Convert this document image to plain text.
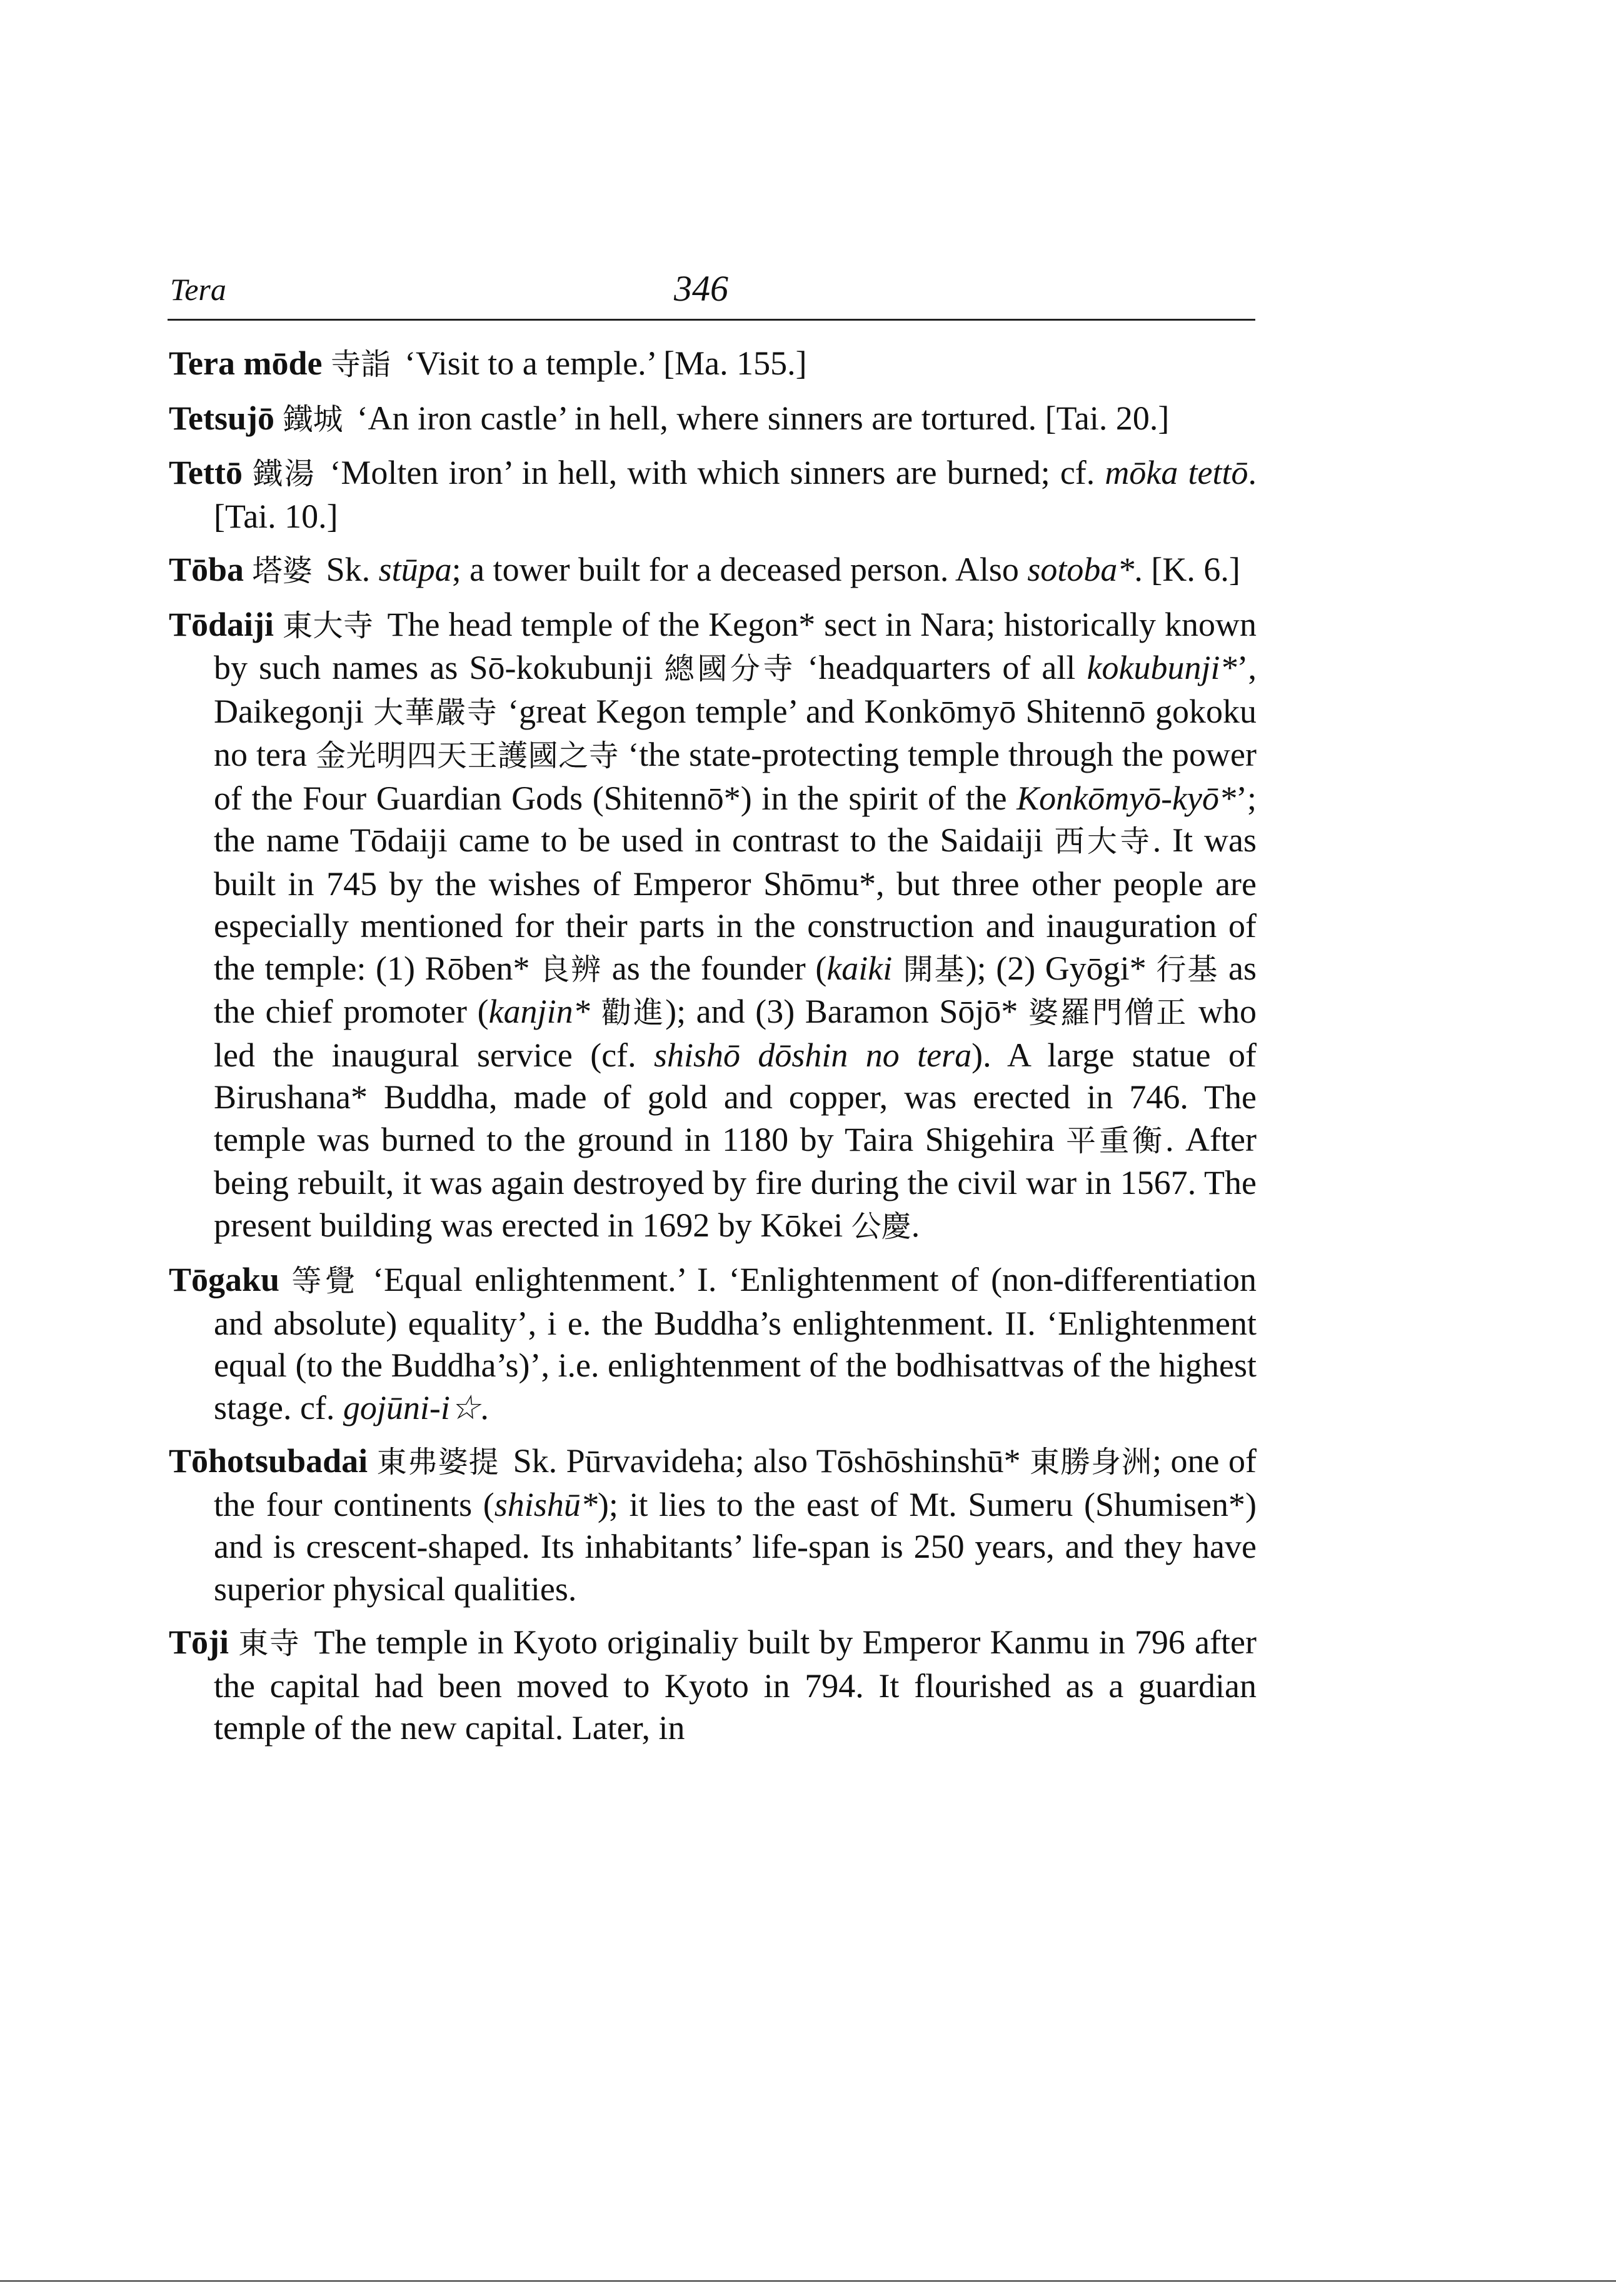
Tera	346

Tera mōde 寺詣 ‘Visit to a temple.’ [Ma. 155.]

Tetsujō 鐵城 ‘An iron castle’ in hell, where sinners are tortured. [Tai. 20.]

Tettō 鐵湯 ‘Molten iron’ in hell, with which sinners are burned; cf. mōka tettō. [Tai. 10.]

Tōba 塔婆 Sk. stūpa; a tower built for a deceased person. Also sotoba*. [K. 6.]

Tōdaiji 東大寺 The head temple of the Kegon* sect in Nara; historically known by such names as Sō-kokubunji 總國分寺 ‘headquarters of all kokubunji*’, Daikegonji 大華嚴寺 ‘great Kegon temple’ and Konkōmyō Shitennō gokoku no tera 金光明四天王護國之寺 ‘the state-protecting temple through the power of the Four Guardian Gods (Shitennō*) in the spirit of the Konkōmyō-kyō*’; the name Tōdaiji came to be used in contrast to the Saidaiji 西大寺. It was built in 745 by the wishes of Emperor Shōmu*, but three other people are especially mentioned for their parts in the construction and inauguration of the temple: (1) Rōben* 良辨 as the founder (kaiki 開基); (2) Gyōgi* 行基 as the chief promoter (kanjin* 勸進); and (3) Baramon Sōjō* 婆羅門僧正 who led the inaugural service (cf. shishō dōshin no tera). A large statue of Birushana* Buddha, made of gold and copper, was erected in 746. The temple was burned to the ground in 1180 by Taira Shigehira 平重衡. After being rebuilt, it was again destroyed by fire during the civil war in 1567. The present building was erected in 1692 by Kōkei 公慶.

Tōgaku 等覺 ‘Equal enlightenment.’ I. ‘Enlightenment of (non-differentiation and absolute) equality’, i e. the Buddha’s enlightenment. II. ‘Enlightenment equal (to the Buddha’s)’, i.e. enlightenment of the bodhisattvas of the highest stage. cf. gojūni-i☆.

Tōhotsubadai 東弗婆提 Sk. Pūrvavideha; also Tōshōshinshū* 東勝身洲; one of the four continents (shishū*); it lies to the east of Mt. Sumeru (Shumisen*) and is crescent-shaped. Its inhabitants’ life-span is 250 years, and they have superior physical qualities.

Tōji 東寺 The temple in Kyoto originaliy built by Emperor Kanmu in 796 after the capital had been moved to Kyoto in 794. It flourished as a guardian temple of the new capital. Later, in
